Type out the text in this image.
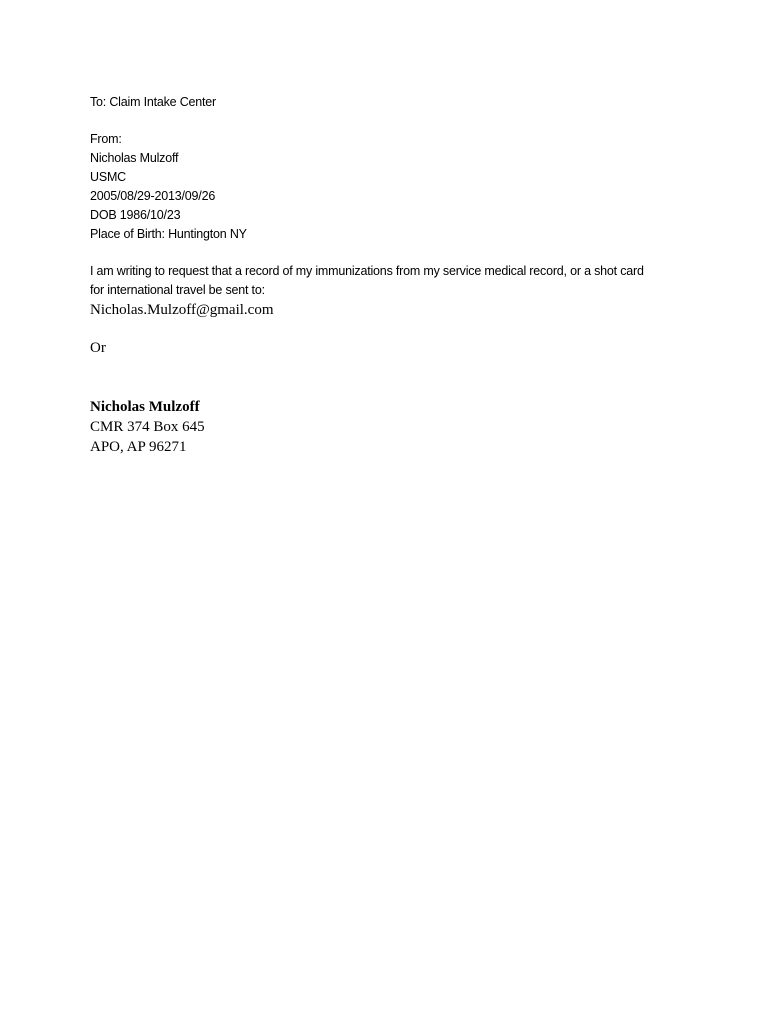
To: Claim Intake Center

From:

Nicholas Mulzoff

USMC

2005/08/29-2013/09/26

DOB 1986/10/23

Place of Birth: Huntington NY

I am writing to request that a record of my immunizations from my service medical record, or a shot card for international travel be sent to:

Nicholas.Mulzoff@gmail.com

Or

Nicholas Mulzoff

CMR 374 Box 645

APO, AP 96271
